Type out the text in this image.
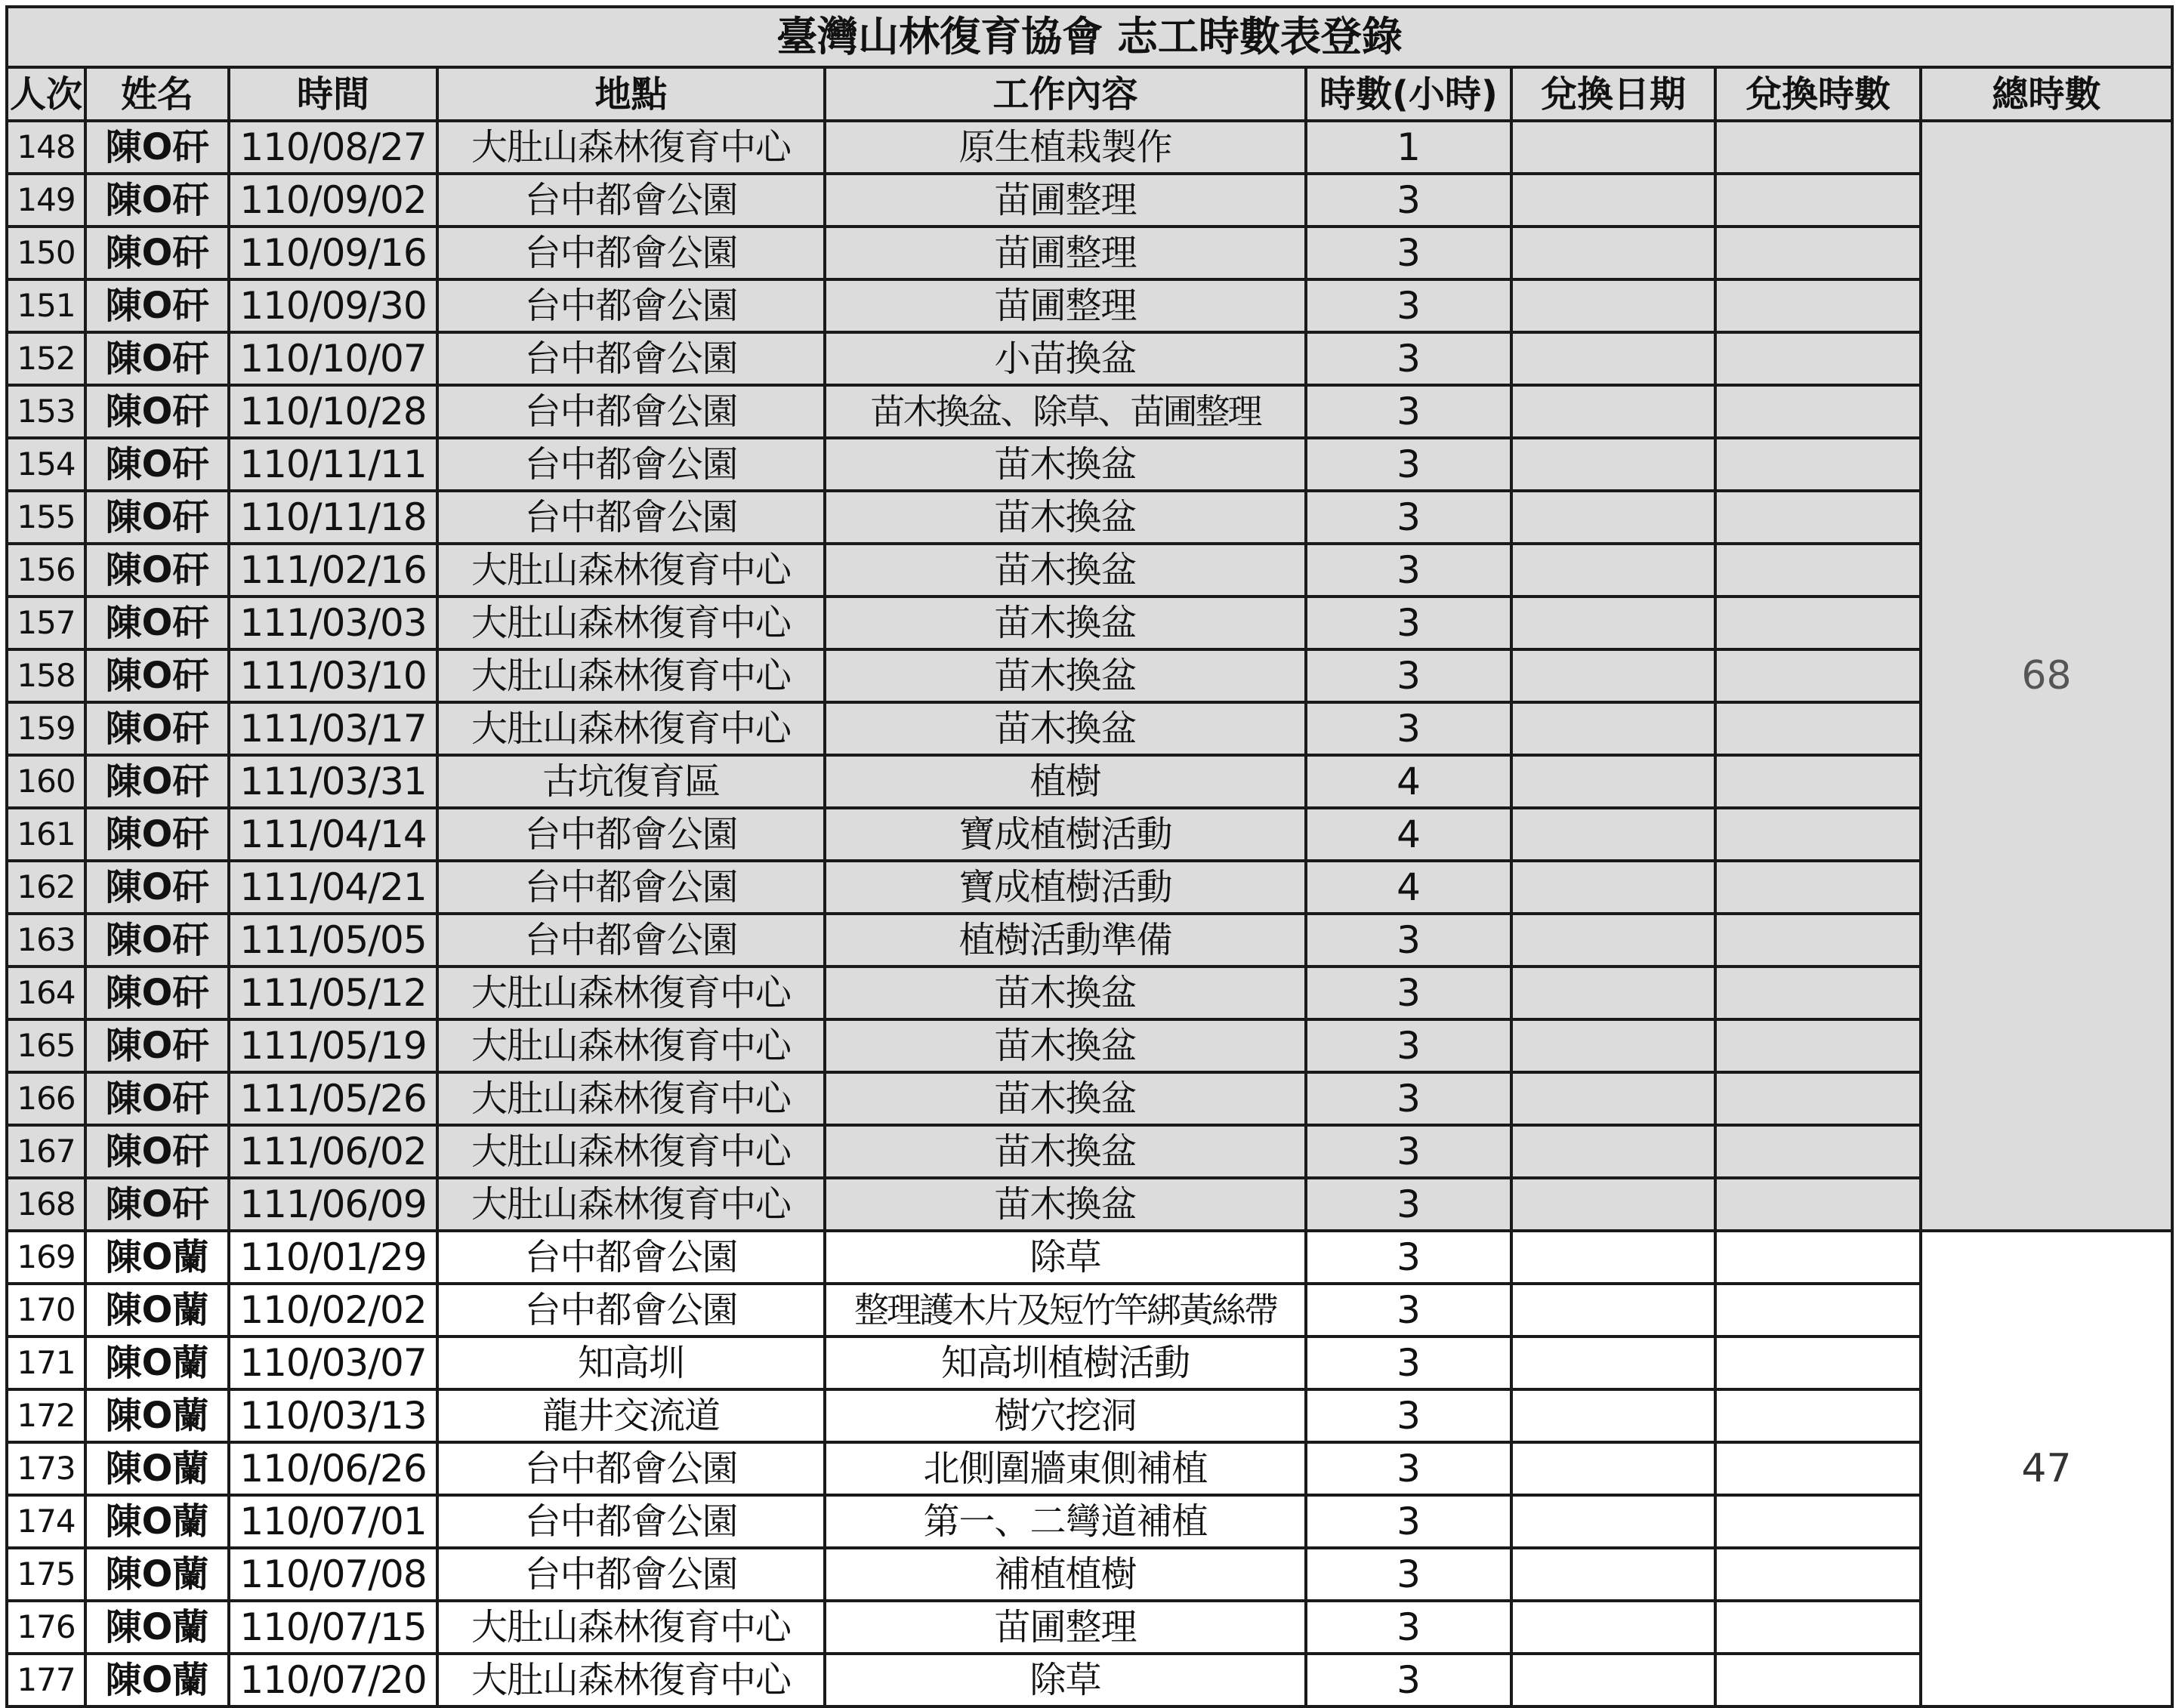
臺灣山林復育協會 志工時數表登錄								
人次	姓名	時間	地點	工作內容	時數(小時)	兌換日期	兌換時數	總時數
148	陳O矸	110/08/27	大肚山森林復育中心	原生植栽製作	1			68
149	陳O矸	110/09/02	台中都會公園	苗圃整理	3			
150	陳O矸	110/09/16	台中都會公園	苗圃整理	3			
151	陳O矸	110/09/30	台中都會公園	苗圃整理	3			
152	陳O矸	110/10/07	台中都會公園	小苗換盆	3			
153	陳O矸	110/10/28	台中都會公園	苗木換盆、除草、苗圃整理	3			
154	陳O矸	110/11/11	台中都會公園	苗木換盆	3			
155	陳O矸	110/11/18	台中都會公園	苗木換盆	3			
156	陳O矸	111/02/16	大肚山森林復育中心	苗木換盆	3			
157	陳O矸	111/03/03	大肚山森林復育中心	苗木換盆	3			
158	陳O矸	111/03/10	大肚山森林復育中心	苗木換盆	3			
159	陳O矸	111/03/17	大肚山森林復育中心	苗木換盆	3			
160	陳O矸	111/03/31	古坑復育區	植樹	4			
161	陳O矸	111/04/14	台中都會公園	寶成植樹活動	4			
162	陳O矸	111/04/21	台中都會公園	寶成植樹活動	4			
163	陳O矸	111/05/05	台中都會公園	植樹活動準備	3			
164	陳O矸	111/05/12	大肚山森林復育中心	苗木換盆	3			
165	陳O矸	111/05/19	大肚山森林復育中心	苗木換盆	3			
166	陳O矸	111/05/26	大肚山森林復育中心	苗木換盆	3			
167	陳O矸	111/06/02	大肚山森林復育中心	苗木換盆	3			
168	陳O矸	111/06/09	大肚山森林復育中心	苗木換盆	3			
169	陳O蘭	110/01/29	台中都會公園	除草	3			47
170	陳O蘭	110/02/02	台中都會公園	整理護木片及短竹竿綁黃絲帶	3			
171	陳O蘭	110/03/07	知高圳	知高圳植樹活動	3			
172	陳O蘭	110/03/13	龍井交流道	樹穴挖洞	3			
173	陳O蘭	110/06/26	台中都會公園	北側圍牆東側補植	3			
174	陳O蘭	110/07/01	台中都會公園	第一、二彎道補植	3			
175	陳O蘭	110/07/08	台中都會公園	補植植樹	3			
176	陳O蘭	110/07/15	大肚山森林復育中心	苗圃整理	3			
177	陳O蘭	110/07/20	大肚山森林復育中心	除草	3			
